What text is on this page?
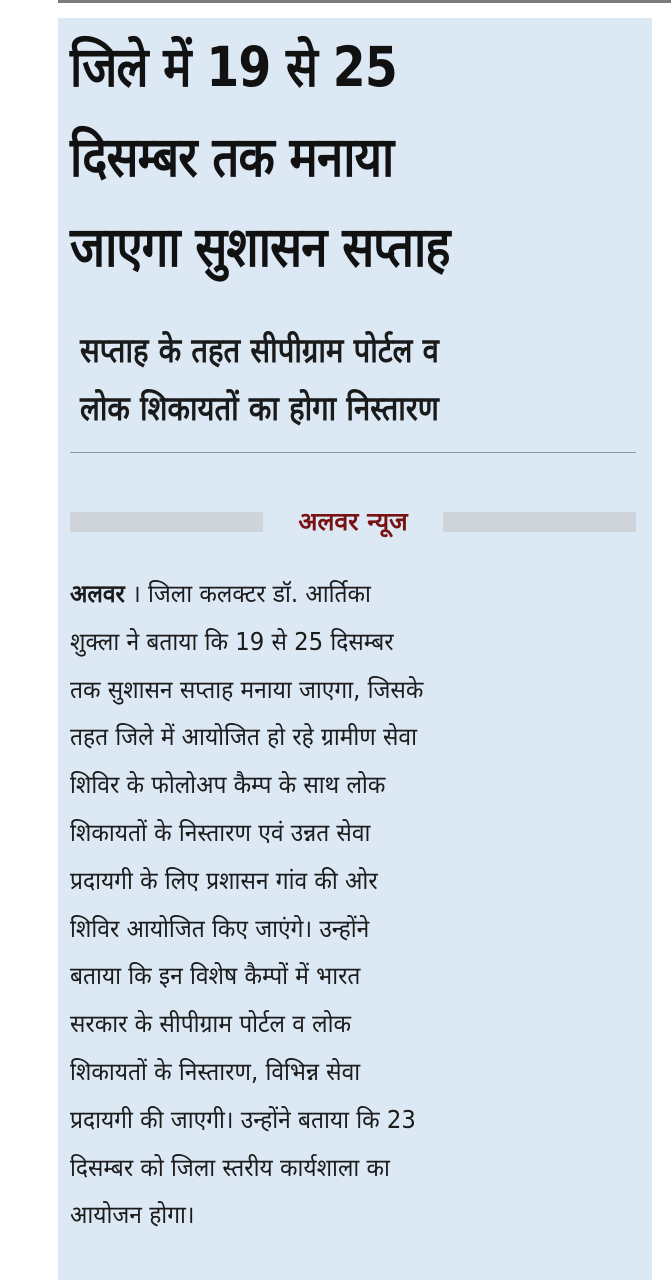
जिले में 19 से 25
दिसम्बर तक मनाया
जाएगा सुशासन सप्ताह
सप्ताह के तहत सीपीग्राम पोर्टल व
लोक शिकायतों का होगा निस्तारण
अलवर न्यूज
अलवर । जिला कलक्टर डॉ. आर्तिका
शुक्ला ने बताया कि 19 से 25 दिसम्बर
तक सुशासन सप्ताह मनाया जाएगा, जिसके
तहत जिले में आयोजित हो रहे ग्रामीण सेवा
शिविर के फोलोअप कैम्प के साथ लोक
शिकायतों के निस्तारण एवं उन्नत सेवा
प्रदायगी के लिए प्रशासन गांव की ओर
शिविर आयोजित किए जाएंगे। उन्होंने
बताया कि इन विशेष कैम्पों में भारत
सरकार के सीपीग्राम पोर्टल व लोक
शिकायतों के निस्तारण, विभिन्न सेवा
प्रदायगी की जाएगी। उन्होंने बताया कि 23
दिसम्बर को जिला स्तरीय कार्यशाला का
आयोजन होगा।
